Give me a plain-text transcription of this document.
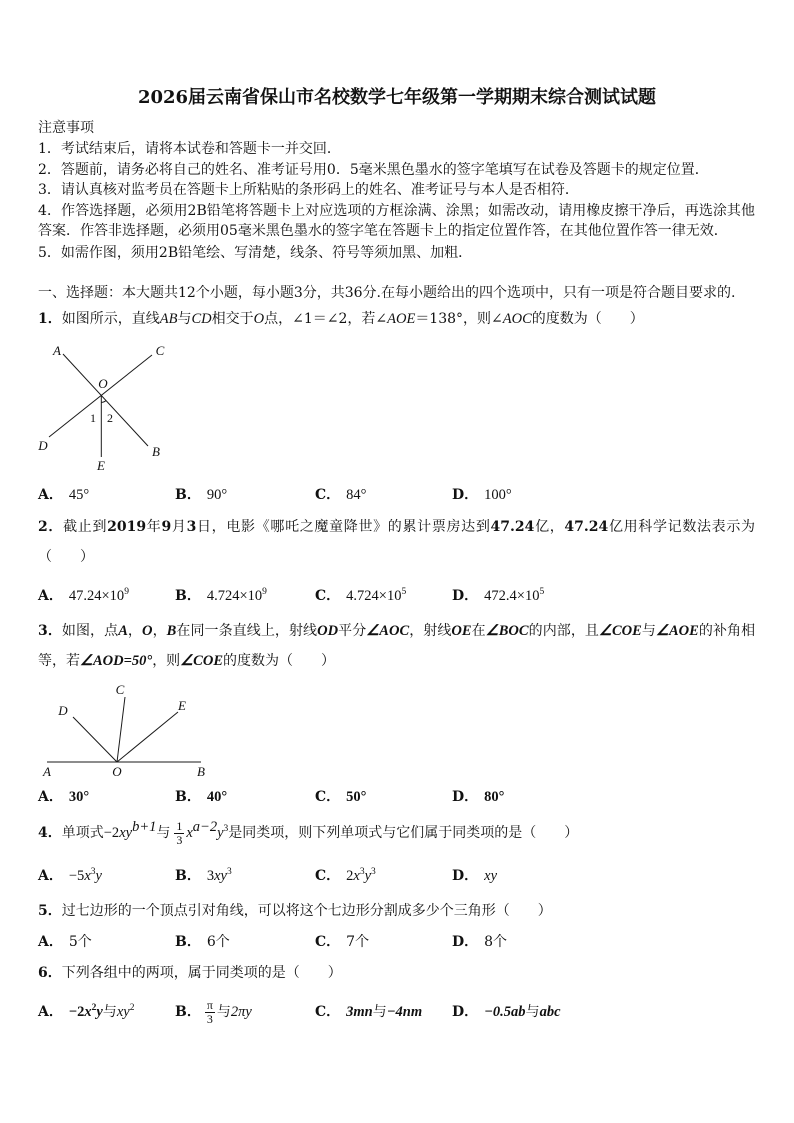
2026届云南省保山市名校数学七年级第一学期期末综合测试试题
注意事项
1．考试结束后，请将本试卷和答题卡一并交回．
2．答题前，请务必将自己的姓名、准考证号用0．5毫米黑色墨水的签字笔填写在试卷及答题卡的规定位置．
3．请认真核对监考员在答题卡上所粘贴的条形码上的姓名、准考证号与本人是否相符．
4．作答选择题，必须用2B铅笔将答题卡上对应选项的方框涂满、涂黑；如需改动，请用橡皮擦干净后，再选涂其他答案．作答非选择题，必须用05毫米黑色墨水的签字笔在答题卡上的指定位置作答，在其他位置作答一律无效．
5．如需作图，须用2B铅笔绘、写清楚，线条、符号等须加黑、加粗．
一、选择题：本大题共12个小题，每小题3分，共36分.在每小题给出的四个选项中，只有一项是符合题目要求的.
1．如图所示，直线AB与CD相交于O点，∠1＝∠2，若∠AOE＝138°，则∠AOC的度数为（　　）
A	C
O
1 2
D	B
E
A． 45°	B． 90°	C． 84°	D． 100°
2．截止到2019年9月3日，电影《哪吒之魔童降世》的累计票房达到47.24亿，47.24亿用科学记数法表示为
（　　）
A． $47.24\times 10^9$	B． $4.724\times 10^9$	C． $4.724\times 10^5$	D． $472.4\times 10^5$
3．如图，点A，O，B在同一条直线上，射线OD平分∠AOC，射线OE在∠BOC的内部，且∠COE与∠AOE的补角相等，若∠AOD=50°，则∠COE的度数为（　　）
D
C
E
A	O	B
A． 30°	B． 40°	C． 50°	D． 80°
4．单项式$-2xy^{b+1}$与 $\frac{1}{3} x^{a-2}y^3$是同类项，则下列单项式与它们属于同类项的是（　　）
A． $-5x^3y$	B． $3xy^3$	C． $2x^3y^3$	D． xy
5．过七边形的一个顶点引对角线，可以将这个七边形分割成多少个三角形（　　）
A． 5个	B． 6个	C． 7个	D． 8个
6．下列各组中的两项，属于同类项的是（　　）
A． $-2x^2y$与$xy^2$	B． $\frac{\pi}{3}$ 与2πy	C． 3mn与−4nm D． −0.5ab与abc
